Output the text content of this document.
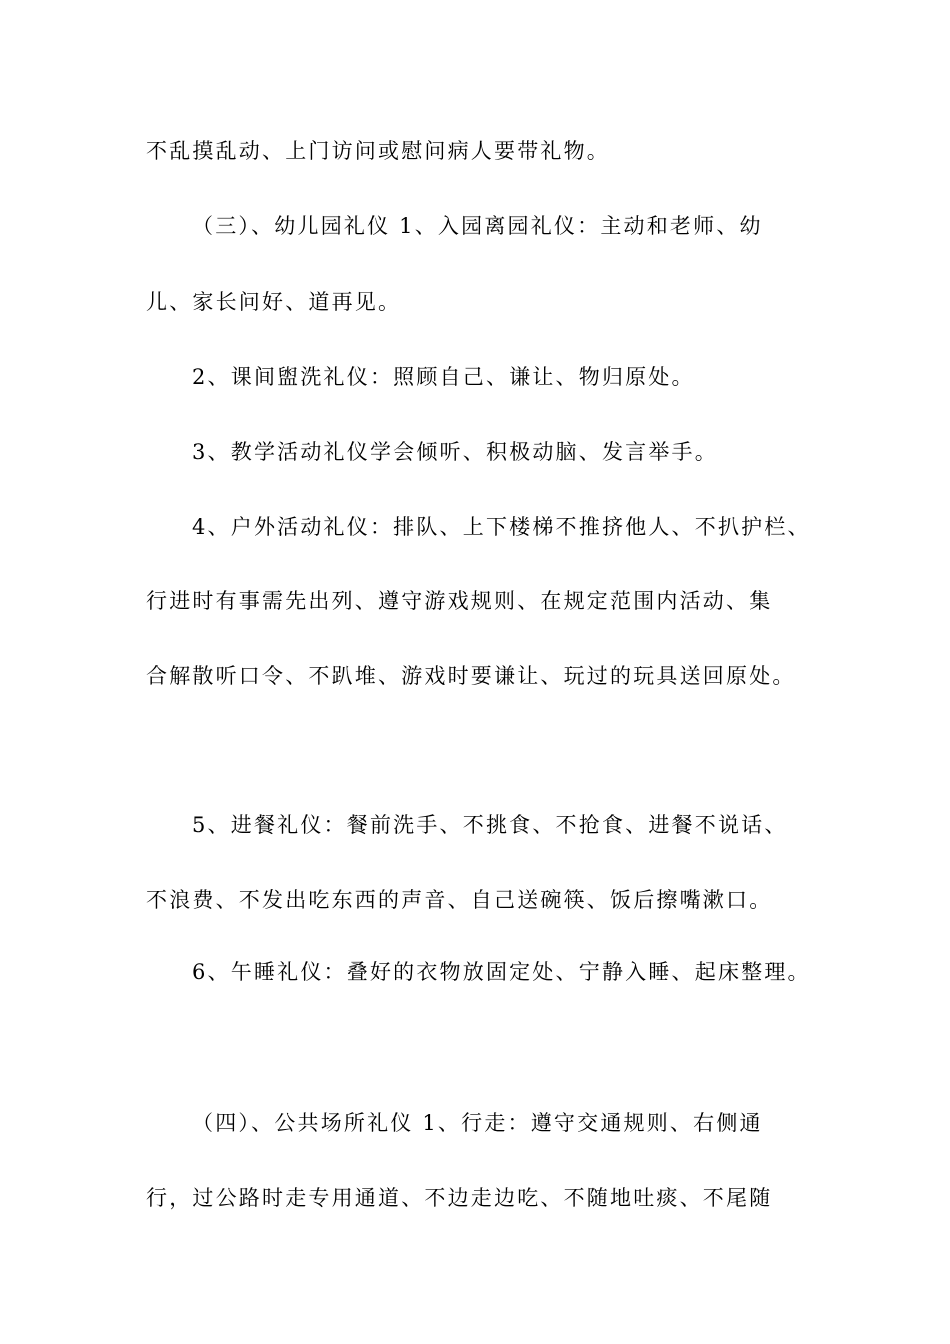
不乱摸乱动、上门访问或慰问病人要带礼物。

（三）、幼儿园礼仪 1、入园离园礼仪：主动和老师、幼

儿、家长问好、道再见。

2、课间盥洗礼仪：照顾自己、谦让、物归原处。

3、教学活动礼仪学会倾听、积极动脑、发言举手。

4、户外活动礼仪：排队、上下楼梯不推挤他人、不扒护栏、

行进时有事需先出列、遵守游戏规则、在规定范围内活动、集

合解散听口令、不趴堆、游戏时要谦让、玩过的玩具送回原处。

5、进餐礼仪：餐前洗手、不挑食、不抢食、进餐不说话、

不浪费、不发出吃东西的声音、自己送碗筷、饭后擦嘴漱口。

6、午睡礼仪：叠好的衣物放固定处、宁静入睡、起床整理。

（四）、公共场所礼仪 1、行走：遵守交通规则、右侧通

行，过公路时走专用通道、不边走边吃、不随地吐痰、不尾随
